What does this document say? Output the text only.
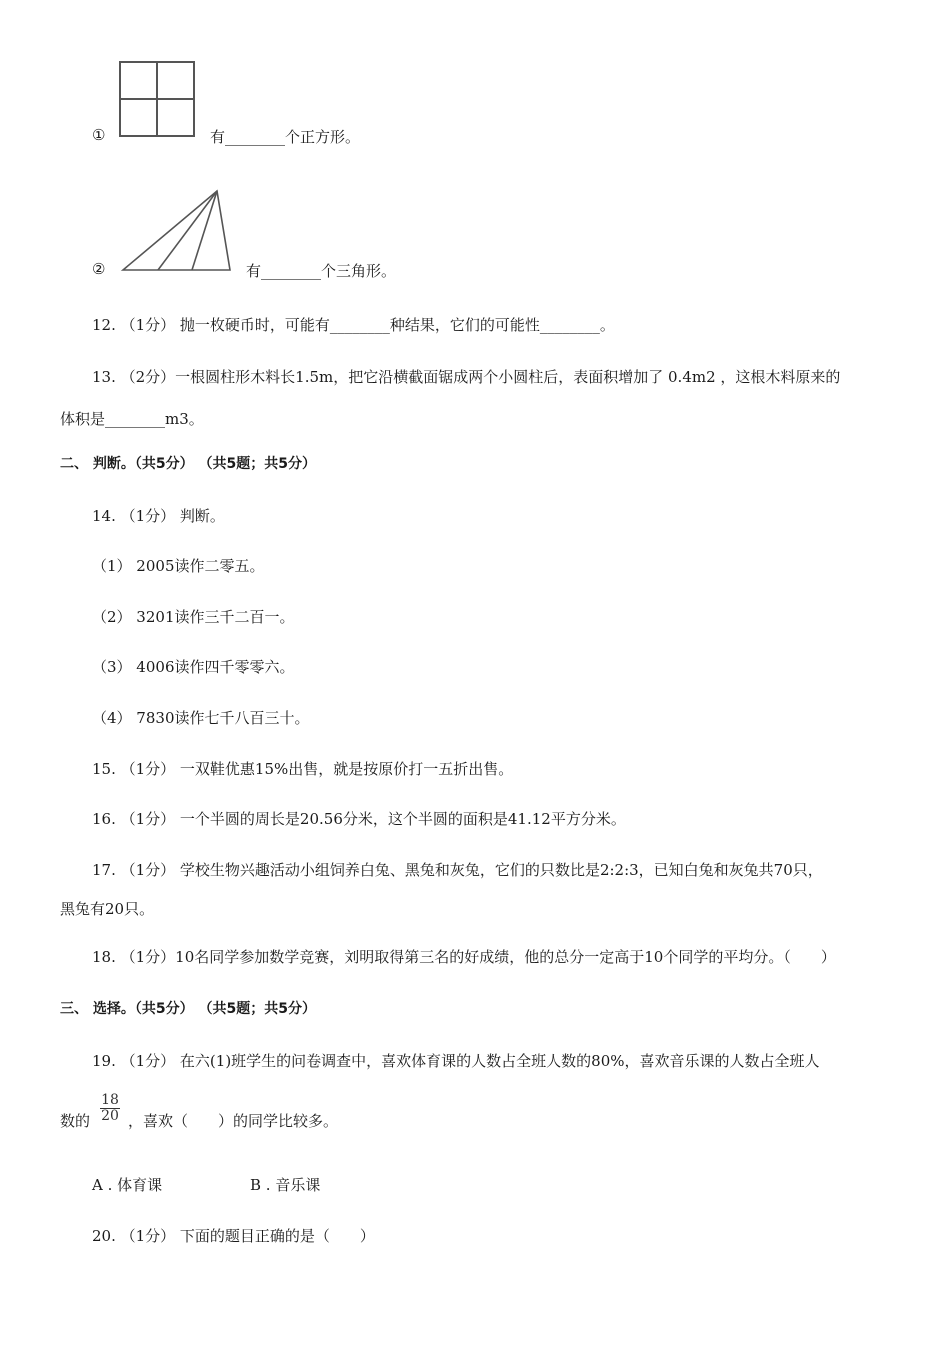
①	有________个正方形。
②	有________个三角形。
12. （1分） 抛一枚硬币时，可能有________种结果，它们的可能性________。
13. （2分）一根圆柱形木料长1.5m，把它沿横截面锯成两个小圆柱后，表面积增加了 0.4m2 ，这根木料原来的
体积是________m3。
二、 判断。（共5分） （共5题；共5分）
14. （1分） 判断。
（1） 2005读作二零五。
（2） 3201读作三千二百一。
（3） 4006读作四千零零六。
（4） 7830读作七千八百三十。
15. （1分） 一双鞋优惠15%出售，就是按原价打一五折出售。
16. （1分） 一个半圆的周长是20.56分米，这个半圆的面积是41.12平方分米。
17. （1分） 学校生物兴趣活动小组饲养白兔、黑兔和灰兔，它们的只数比是2:2:3，已知白兔和灰兔共70只，
黑兔有20只。
18. （1分）10名同学参加数学竞赛，刘明取得第三名的好成绩，他的总分一定高于10个同学的平均分。（　　）
三、 选择。（共5分） （共5题；共5分）
19. （1分） 在六(1)班学生的问卷调查中，喜欢体育课的人数占全班人数的80%，喜欢音乐课的人数占全班人
数的
18
20 ，喜欢（　　）的同学比较多。
A . 体育课	B . 音乐课
20. （1分） 下面的题目正确的是（　　）
